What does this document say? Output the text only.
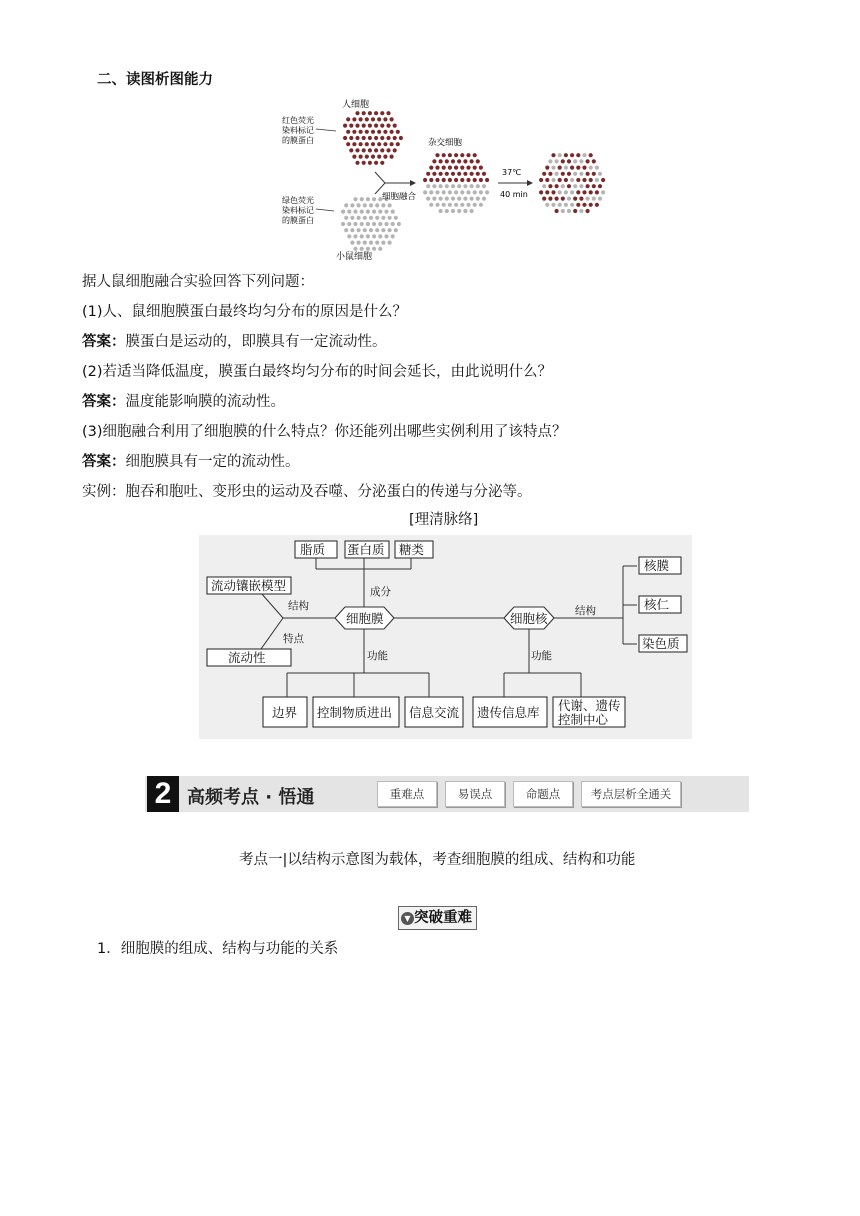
二、读图析图能力
人细胞
红色荧光
染料标记
的膜蛋白
绿色荧光
染料标记
的膜蛋白
小鼠细胞
细胞融合
杂交细胞
37℃
40 min
据人鼠细胞融合实验回答下列问题：
(1)人、鼠细胞膜蛋白最终均匀分布的原因是什么？
答案：膜蛋白是运动的，即膜具有一定流动性。
(2)若适当降低温度，膜蛋白最终均匀分布的时间会延长，由此说明什么？
答案：温度能影响膜的流动性。
(3)细胞融合利用了细胞膜的什么特点？你还能列出哪些实例利用了该特点？
答案：细胞膜具有一定的流动性。
实例：胞吞和胞吐、变形虫的运动及吞噬、分泌蛋白的传递与分泌等。
[理清脉络]
脂质 蛋白质 糖类
成分
流动镶嵌模型
结构
特点
流动性
细胞膜
功能
边界 控制物质进出 信息交流
细胞核	结构
核膜
核仁
染色质
功能
遗传信息库 代谢、遗传
控制中心
2 高频考点 · 悟通	重难点	易误点	命题点	考点层析全通关
考点一|以结构示意图为载体，考查细胞膜的组成、结构和功能
▼ 突破重难
1．细胞膜的组成、结构与功能的关系
